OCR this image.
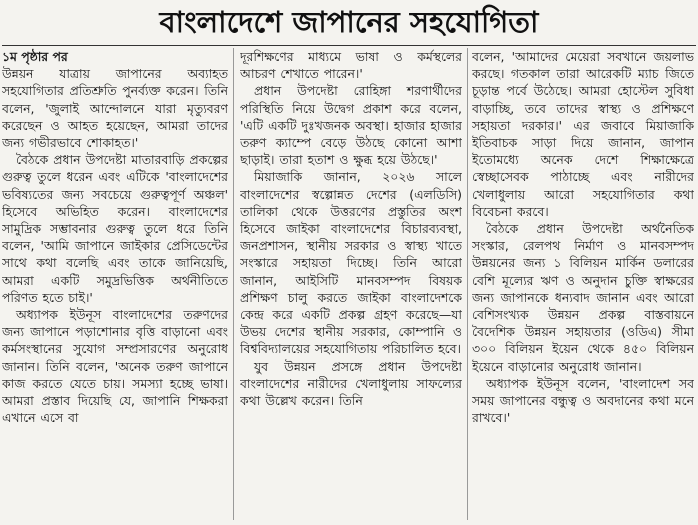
বাংলাদেশে জাপানের সহযোগিতা

১ম পৃষ্ঠার পর

উন্নয়ন যাত্রায় জাপানের অব্যাহত সহযোগিতার প্রতিশ্রুতি পুনর্ব্যক্ত করেন। তিনি বলেন, 'জুলাই আন্দোলনে যারা মৃত্যুবরণ করেছেন ও আহত হয়েছেন, আমরা তাদের জন্য গভীরভাবে শোকাহত।'

বৈঠকে প্রধান উপদেষ্টা মাতারবাড়ি প্রকল্পের গুরুত্ব তুলে ধরেন এবং এটিকে 'বাংলাদেশের ভবিষ্যতের জন্য সবচেয়ে গুরুত্বপূর্ণ অঞ্চল' হিসেবে অভিহিত করেন। বাংলাদেশের সামুদ্রিক সম্ভাবনার গুরুত্ব তুলে ধরে তিনি বলেন, 'আমি জাপানে জাইকার প্রেসিডেন্টের সাথে কথা বলেছি এবং তাকে জানিয়েছি, আমরা একটি সমুদ্রভিত্তিক অর্থনীতিতে পরিণত হতে চাই।'

অধ্যাপক ইউনূস বাংলাদেশের তরুণদের জন্য জাপানে পড়াশোনার বৃত্তি বাড়ানো এবং কর্মসংস্থানের সুযোগ সম্প্রসারণের অনুরোধ জানান। তিনি বলেন, 'অনেক তরুণ জাপানে কাজ করতে যেতে চায়। সমস্যা হচ্ছে ভাষা। আমরা প্রস্তাব দিয়েছি যে, জাপানি শিক্ষকরা এখানে এসে বা

দূরশিক্ষণের মাধ্যমে ভাষা ও কর্মস্থলের আচরণ শেখাতে পারেন।'

প্রধান উপদেষ্টা রোহিঙ্গা শরণার্থীদের পরিস্থিতি নিয়ে উদ্বেগ প্রকাশ করে বলেন, 'এটি একটি দুঃখজনক অবস্থা। হাজার হাজার তরুণ ক্যাম্পে বেড়ে উঠছে কোনো আশা ছাড়াই। তারা হতাশ ও ক্ষুব্ধ হয়ে উঠছে।'

মিয়াজাকি জানান, ২০২৬ সালে বাংলাদেশের স্বল্পোন্নত দেশের (এলডিসি) তালিকা থেকে উত্তরণের প্রস্তুতির অংশ হিসেবে জাইকা বাংলাদেশের বিচারব্যবস্থা, জনপ্রশাসন, স্থানীয় সরকার ও স্বাস্থ্য খাতে সংস্কারে সহায়তা দিচ্ছে। তিনি আরো জানান, আইসিটি মানবসম্পদ বিষয়ক প্রশিক্ষণ চালু করতে জাইকা বাংলাদেশকে কেন্দ্র করে একটি প্রকল্প গ্রহণ করেছে—যা উভয় দেশের স্থানীয় সরকার, কোম্পানি ও বিশ্ববিদ্যালয়ের সহযোগিতায় পরিচালিত হবে।

যুব উন্নয়ন প্রসঙ্গে প্রধান উপদেষ্টা বাংলাদেশের নারীদের খেলাধুলায় সাফল্যের কথা উল্লেখ করেন। তিনি

বলেন, 'আমাদের মেয়েরা সবখানে জয়লাভ করছে। গতকাল তারা আরেকটি ম্যাচ জিতে চূড়ান্ত পর্বে উঠেছে। আমরা হোস্টেল সুবিধা বাড়াচ্ছি, তবে তাদের স্বাস্থ্য ও প্রশিক্ষণে সহায়তা দরকার।' এর জবাবে মিয়াজাকি ইতিবাচক সাড়া দিয়ে জানান, জাপান ইতোমধ্যে অনেক দেশে শিক্ষাক্ষেত্রে স্বেচ্ছাসেবক পাঠাচ্ছে এবং নারীদের খেলাধুলায় আরো সহযোগিতার কথা বিবেচনা করবে।

বৈঠকে প্রধান উপদেষ্টা অর্থনৈতিক সংস্কার, রেলপথ নির্মাণ ও মানবসম্পদ উন্নয়নের জন্য ১ বিলিয়ন মার্কিন ডলারের বেশি মূল্যের ঋণ ও অনুদান চুক্তি স্বাক্ষরের জন্য জাপানকে ধন্যবাদ জানান এবং আরো বেশিসংখ্যক উন্নয়ন প্রকল্প বাস্তবায়নে বৈদেশিক উন্নয়ন সহায়তার (ওডিএ) সীমা ৩০০ বিলিয়ন ইয়েন থেকে ৪৫০ বিলিয়ন ইয়েনে বাড়ানোর অনুরোধ জানান।

অধ্যাপক ইউনূস বলেন, 'বাংলাদেশ সব সময় জাপানের বন্ধুত্ব ও অবদানের কথা মনে রাখবে।'
